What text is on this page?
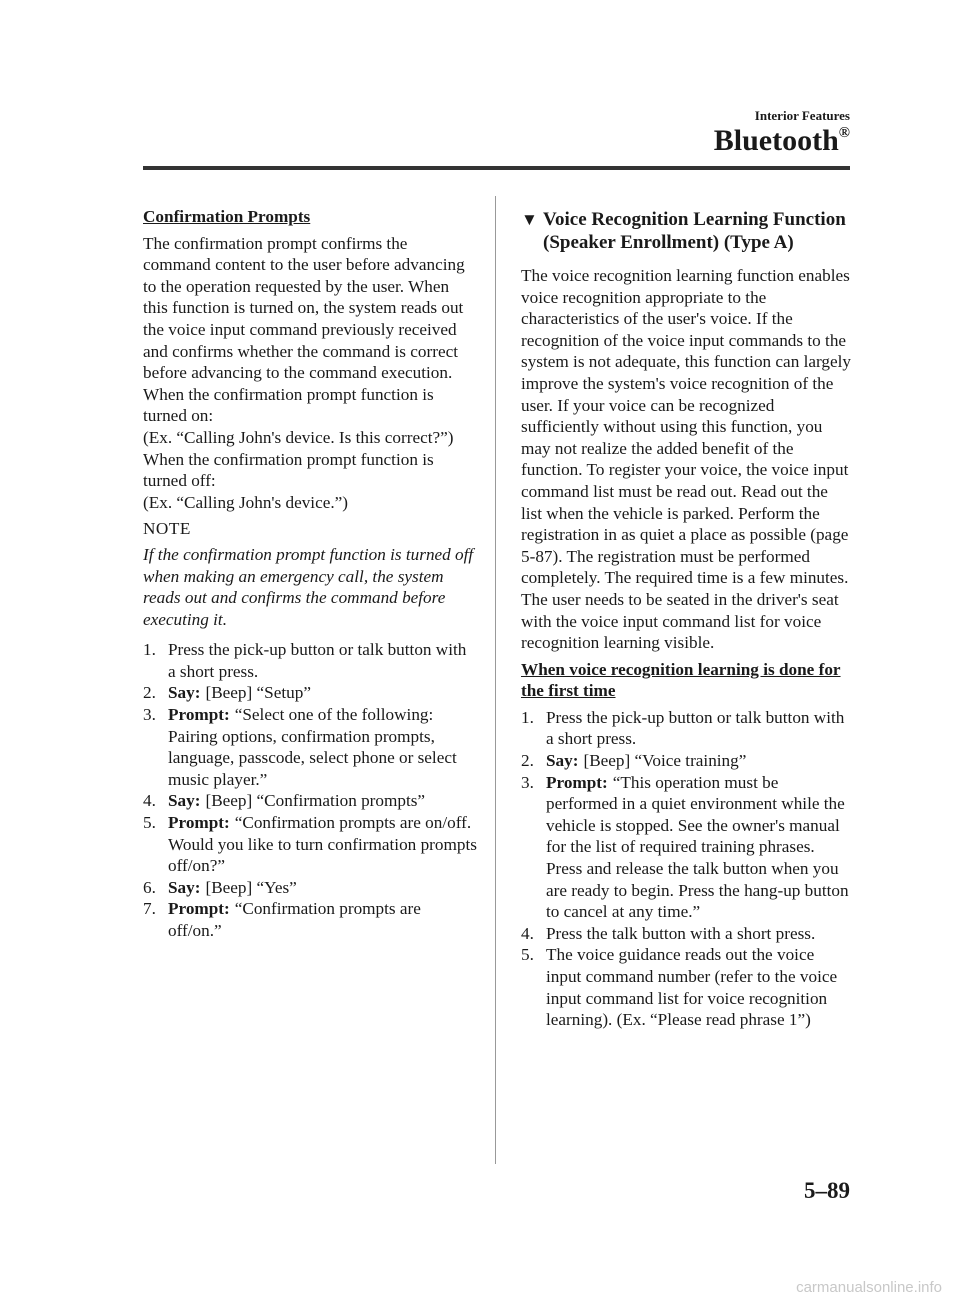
Interior Features
Bluetooth®
Confirmation Prompts
The confirmation prompt confirms the command content to the user before advancing to the operation requested by the user. When this function is turned on, the system reads out the voice input command previously received and confirms whether the command is correct before advancing to the command execution.
When the confirmation prompt function is turned on:
(Ex. “Calling John's device. Is this correct?”)
When the confirmation prompt function is turned off:
(Ex. “Calling John's device.”)
NOTE
If the confirmation prompt function is turned off when making an emergency call, the system reads out and confirms the command before executing it.
1. Press the pick-up button or talk button with a short press.
2. Say: [Beep] “Setup”
3. Prompt: “Select one of the following: Pairing options, confirmation prompts, language, passcode, select phone or select music player.”
4. Say: [Beep] “Confirmation prompts”
5. Prompt: “Confirmation prompts are on/off. Would you like to turn confirmation prompts off/on?”
6. Say: [Beep] “Yes”
7. Prompt: “Confirmation prompts are off/on.”
▼ Voice Recognition Learning Function (Speaker Enrollment) (Type A)
The voice recognition learning function enables voice recognition appropriate to the characteristics of the user's voice. If the recognition of the voice input commands to the system is not adequate, this function can largely improve the system's voice recognition of the user. If your voice can be recognized sufficiently without using this function, you may not realize the added benefit of the function. To register your voice, the voice input command list must be read out. Read out the list when the vehicle is parked. Perform the registration in as quiet a place as possible (page 5-87). The registration must be performed completely. The required time is a few minutes. The user needs to be seated in the driver's seat with the voice input command list for voice recognition learning visible.
When voice recognition learning is done for the first time
1. Press the pick-up button or talk button with a short press.
2. Say: [Beep] “Voice training”
3. Prompt: “This operation must be performed in a quiet environment while the vehicle is stopped. See the owner's manual for the list of required training phrases. Press and release the talk button when you are ready to begin. Press the hang-up button to cancel at any time.”
4. Press the talk button with a short press.
5. The voice guidance reads out the voice input command number (refer to the voice input command list for voice recognition learning). (Ex. “Please read phrase 1”)
5–89
carmanualsonline.info
